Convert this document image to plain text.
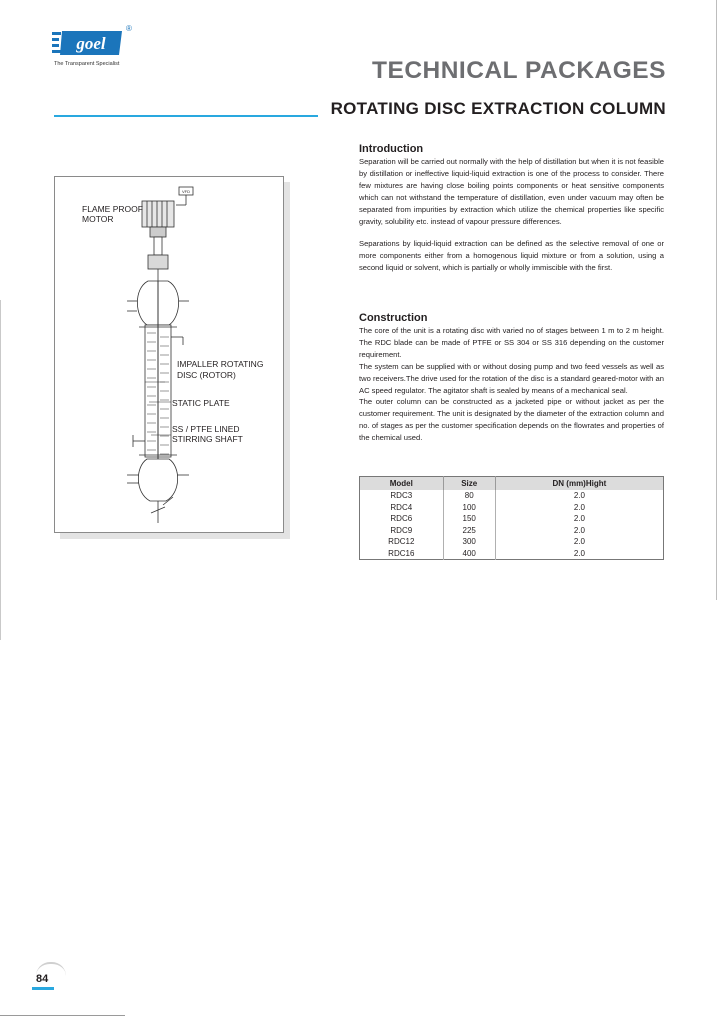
goel
®
The Transparent Specialist	TECHNICAL PACKAGES
ROTATING DISC EXTRACTION COLUMN
VFD
FLAME PROOF
MOTOR
IMPALLER ROTATING
DISC (ROTOR)
STATIC PLATE
SS / PTFE LINED
STIRRING SHAFT

Introduction

Separation will be carried out normally with the help of distillation but when it is not feasible by distillation or ineffective liquid-liquid extraction is one of the process to consider. There few mixtures are having close boiling points components or heat sensitive components which can not withstand the temperature of distillation, even under vacuum may often be separated from impurities by extraction which utilize the chemical properties like specific gravity, solubility etc. instead of vapour pressure differences.

Separations by liquid-liquid extraction can be defined as the selective removal of one or more components either from a homogenous liquid mixture or from a solution, using a second liquid or solvent, which is partially or wholly immiscible with the first.

Construction

The core of the unit is a rotating disc with varied no of stages between 1 m to 2 m height. The RDC blade can be made of PTFE or SS 304 or SS 316 depending on the customer requirement.

The system can be supplied with or without dosing pump and two feed vessels as well as two receivers.The drive used for the rotation of the disc is a standard geared-motor with an AC speed regulator. The agitator shaft is sealed by means of a mechanical seal.

The outer column can be constructed as a jacketed pipe or without jacket as per the customer requirement. The unit is designated by the diameter of the extraction column and no. of stages as per the customer specification depends on the flowrates and properties of the chemical used.

Model	Size	DN (mm)Hight
RDC3	80	2.0
RDC4	100	2.0
RDC6	150	2.0
RDC9	225	2.0
RDC12	300	2.0
RDC16	400	2.0
84
